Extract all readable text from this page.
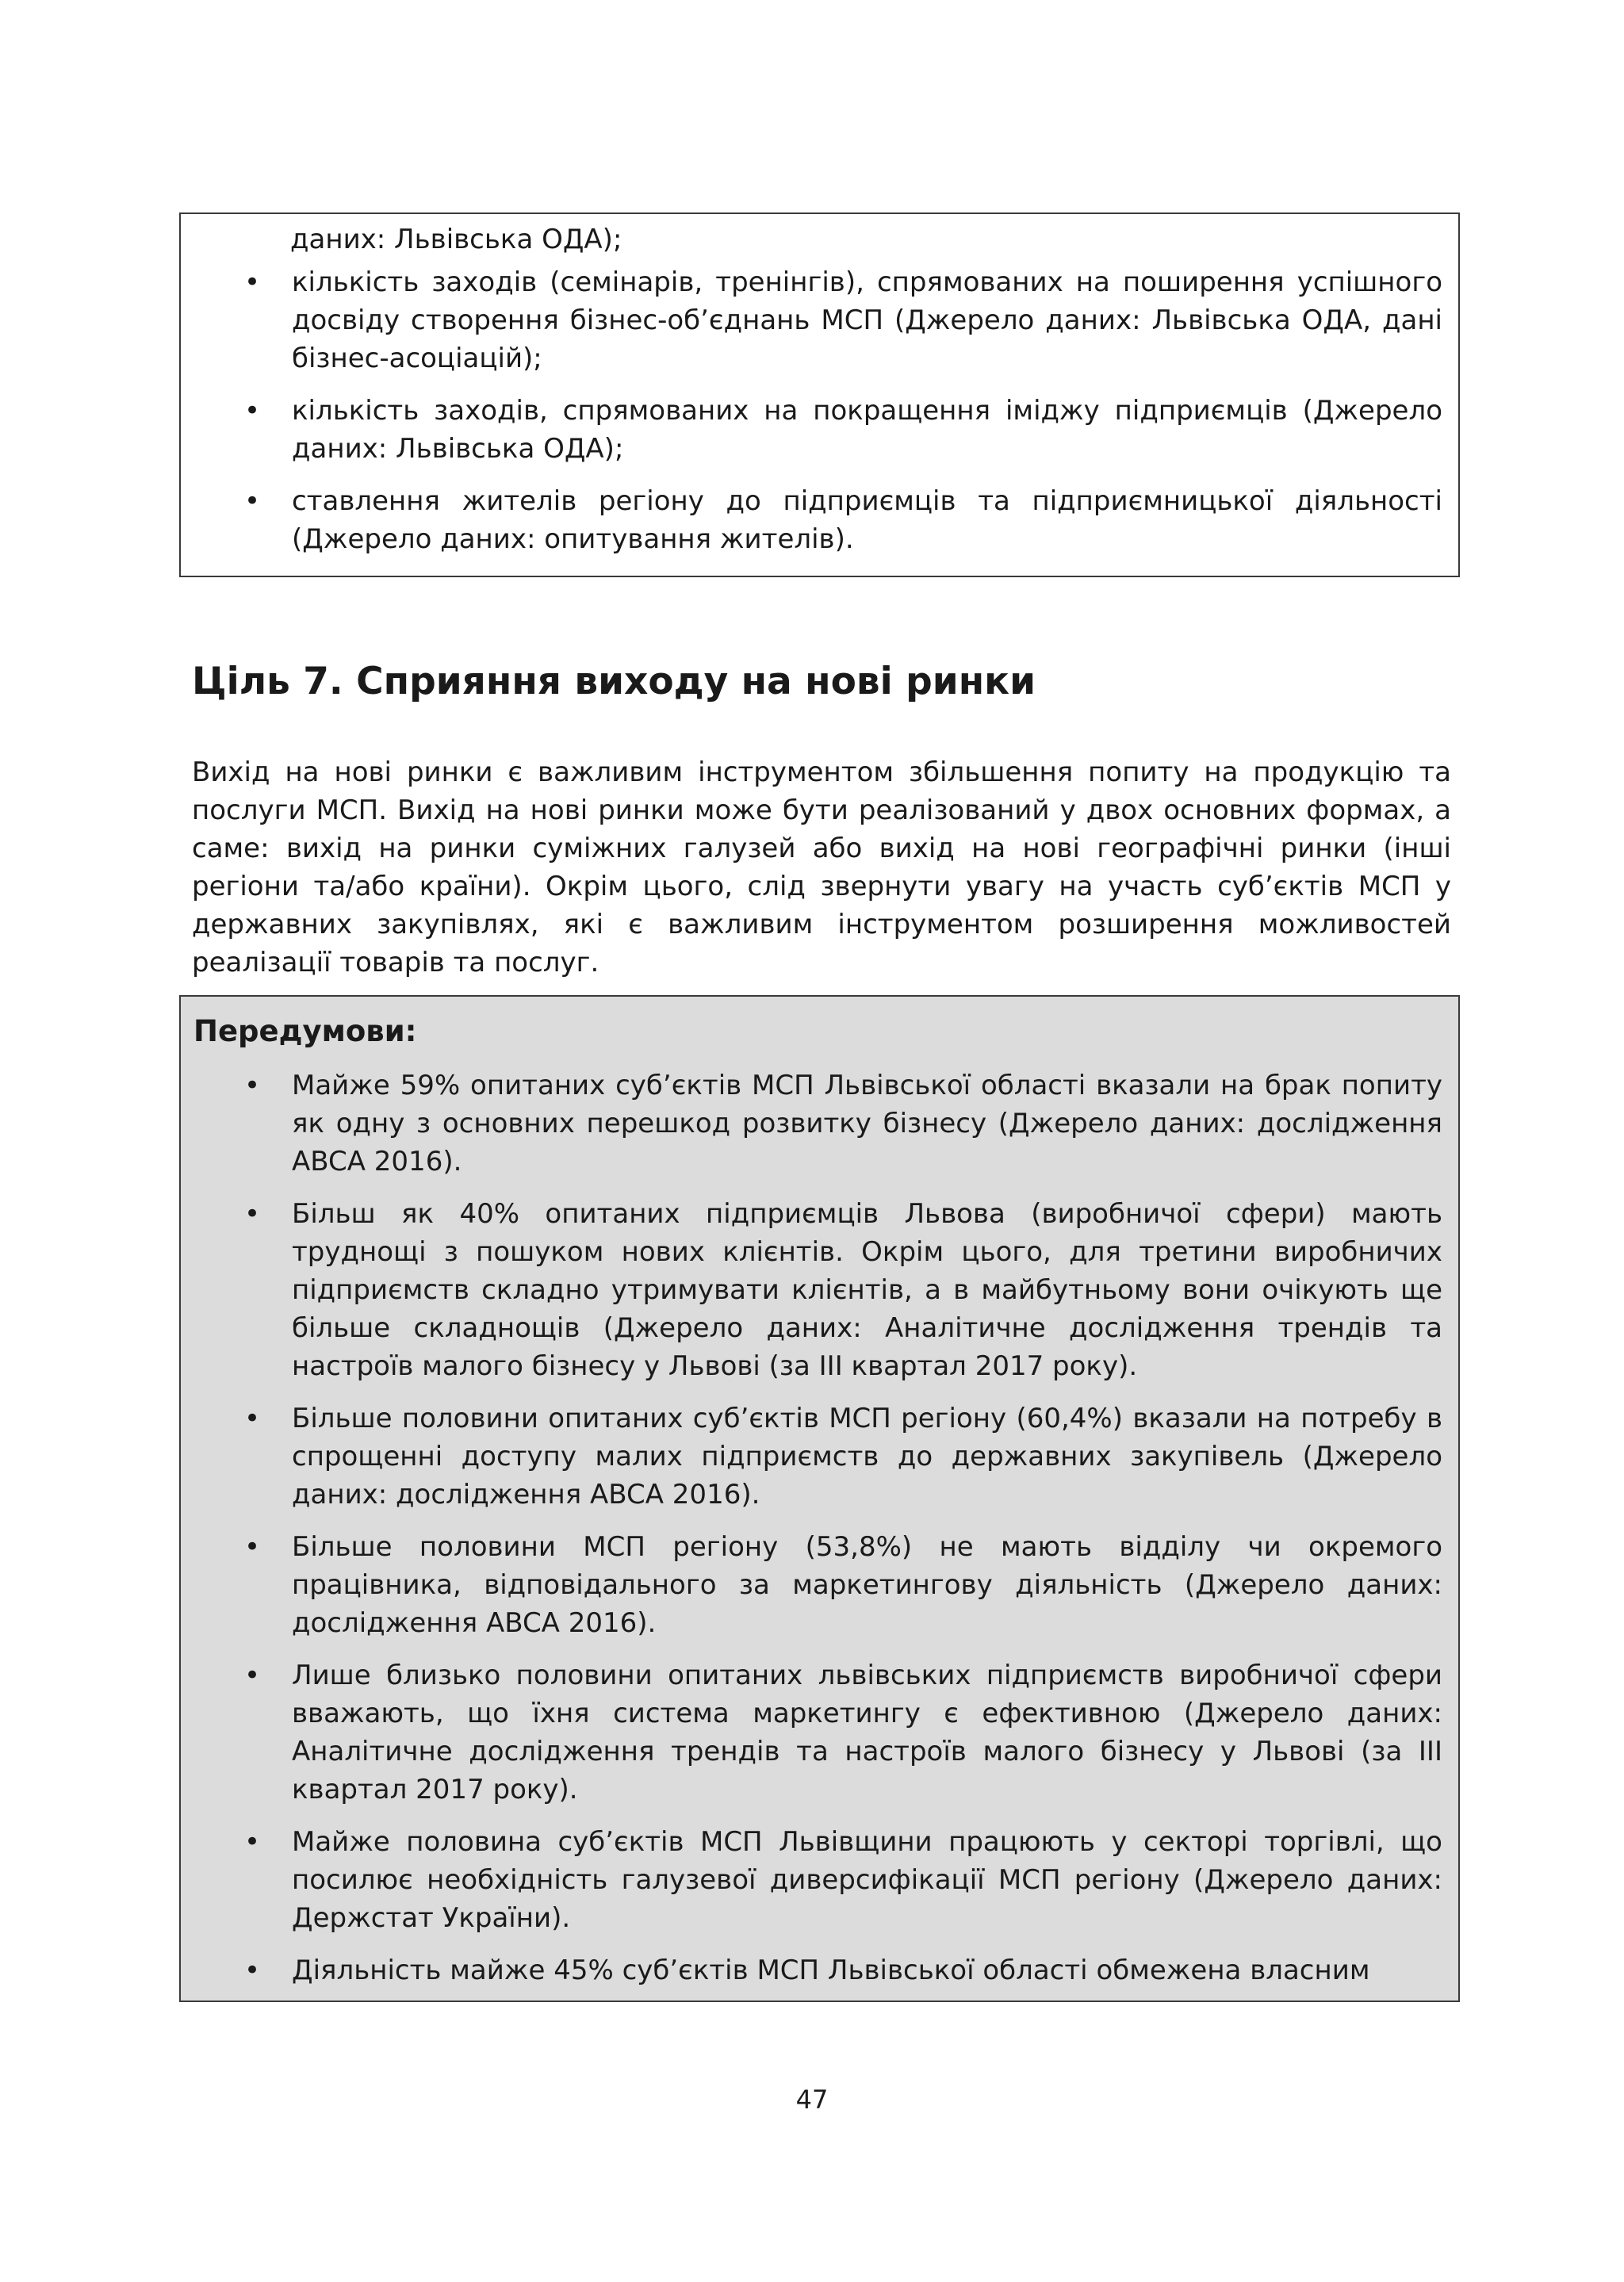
даних: Львівська ОДА);

• кількість заходів (семінарів, тренінгів), спрямованих на поширення успішного досвіду створення бізнес-об’єднань МСП (Джерело даних: Львівська ОДА, дані бізнес-асоціацій);
• кількість заходів, спрямованих на покращення іміджу підприємців (Джерело даних: Львівська ОДА);
• ставлення жителів регіону до підприємців та підприємницької діяльності (Джерело даних: опитування жителів).
Ціль 7. Сприяння виходу на нові ринки

Вихід на нові ринки є важливим інструментом збільшення попиту на продукцію та послуги МСП. Вихід на нові ринки може бути реалізований у двох основних формах, а саме: вихід на ринки суміжних галузей або вихід на нові географічні ринки (інші регіони та/або країни). Окрім цього, слід звернути увагу на участь суб’єктів МСП у державних закупівлях, які є важливим інструментом розширення можливостей реалізації товарів та послуг.

Передумови:
• Майже 59% опитаних суб’єктів МСП Львівської області вказали на брак попиту як одну з основних перешкод розвитку бізнесу (Джерело даних: дослідження ABCA 2016).
• Більш як 40% опитаних підприємців Львова (виробничої сфери) мають труднощі з пошуком нових клієнтів. Окрім цього, для третини виробничих підприємств складно утримувати клієнтів, а в майбутньому вони очікують ще більше складнощів (Джерело даних: Аналітичне дослідження трендів та настроїв малого бізнесу у Львові (за III квартал 2017 року).
• Більше половини опитаних суб’єктів МСП регіону (60,4%) вказали на потребу в спрощенні доступу малих підприємств до державних закупівель (Джерело даних: дослідження ABCA 2016).
• Більше половини МСП регіону (53,8%) не мають відділу чи окремого працівника, відповідального за маркетингову діяльність (Джерело даних: дослідження ABCA 2016).
• Лише близько половини опитаних львівських підприємств виробничої сфери вважають, що їхня система маркетингу є ефективною (Джерело даних: Аналітичне дослідження трендів та настроїв малого бізнесу у Львові (за III квартал 2017 року).
• Майже половина суб’єктів МСП Львівщини працюють у секторі торгівлі, що посилює необхідність галузевої диверсифікації МСП регіону (Джерело даних: Держстат України).
• Діяльність майже 45% суб’єктів МСП Львівської області обмежена власним

47
